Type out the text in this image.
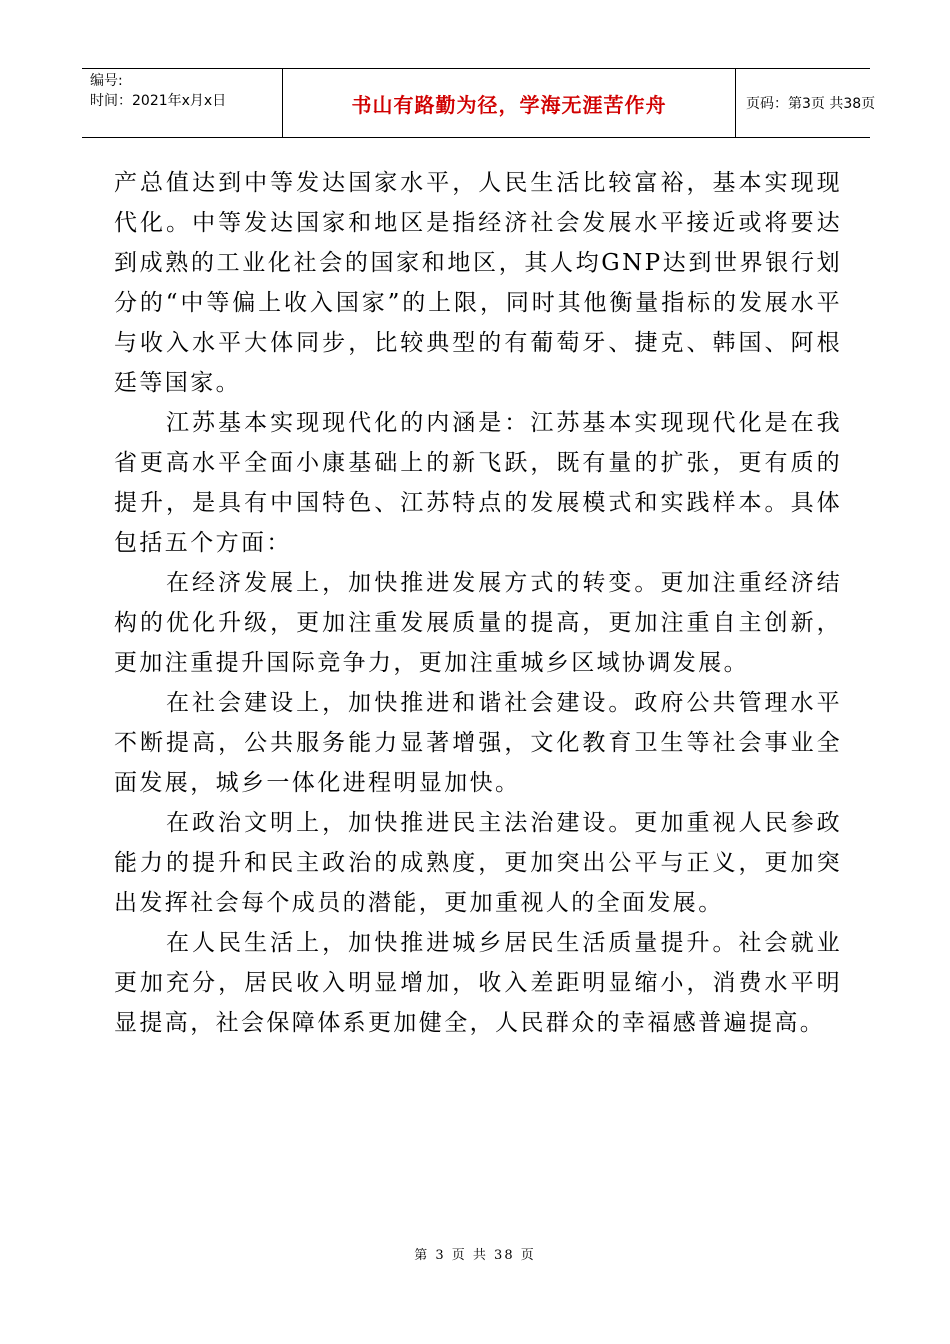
编号:
时间：2021年x月x日	书山有路勤为径，学海无涯苦作舟	页码：第3页 共38页

产总值达到中等发达国家水平，人民生活比较富裕，基本实现现代化。中等发达国家和地区是指经济社会发展水平接近或将要达到成熟的工业化社会的国家和地区，其人均GNP达到世界银行划分的“中等偏上收入国家”的上限，同时其他衡量指标的发展水平与收入水平大体同步，比较典型的有葡萄牙、捷克、韩国、阿根廷等国家。

江苏基本实现现代化的内涵是：江苏基本实现现代化是在我省更高水平全面小康基础上的新飞跃，既有量的扩张，更有质的提升，是具有中国特色、江苏特点的发展模式和实践样本。具体包括五个方面：

在经济发展上，加快推进发展方式的转变。更加注重经济结构的优化升级，更加注重发展质量的提高，更加注重自主创新，更加注重提升国际竞争力，更加注重城乡区域协调发展。

在社会建设上，加快推进和谐社会建设。政府公共管理水平不断提高，公共服务能力显著增强，文化教育卫生等社会事业全面发展，城乡一体化进程明显加快。

在政治文明上，加快推进民主法治建设。更加重视人民参政能力的提升和民主政治的成熟度，更加突出公平与正义，更加突出发挥社会每个成员的潜能，更加重视人的全面发展。

在人民生活上，加快推进城乡居民生活质量提升。社会就业更加充分，居民收入明显增加，收入差距明显缩小，消费水平明显提高，社会保障体系更加健全，人民群众的幸福感普遍提高。

第 3 页 共 38 页
